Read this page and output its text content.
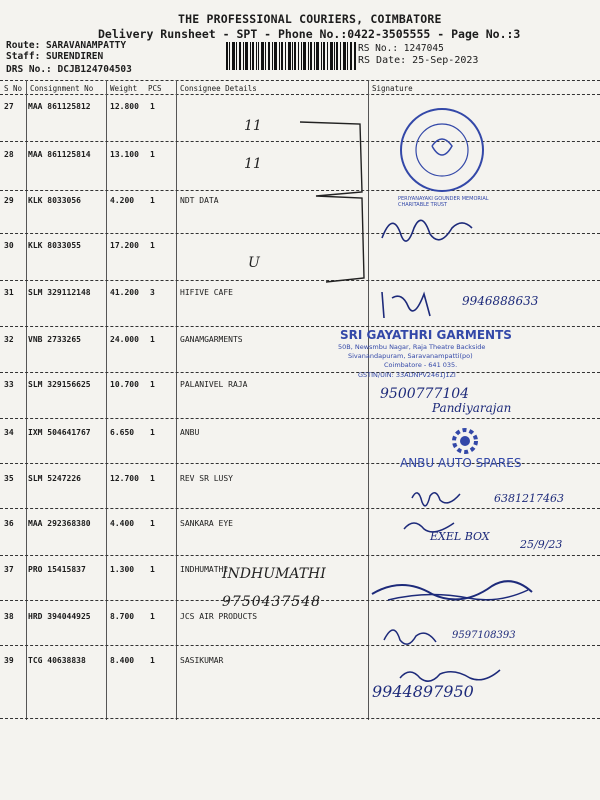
THE PROFESSIONAL COURIERS, COIMBATORE
Delivery Runsheet - SPT - Phone No.:0422-3505555 - Page No.:3
Route: SARAVANAMPATTY
Staff: SURENDIREN
DRS No.: DCJB124704503
RS No.: 1247045
RS Date: 25-Sep-2023
S No Consignment No Weight PCS Consignee Details	Signature
27 MAA 861125812 12.800 1
28 MAA 861125814 13.100 1
29 KLK 8033056	4.200 1	NDT DATA
30 KLK 8033055	17.200 1
31 SLM 329112148 41.200 3	HIFIVE CAFE
32 VNB 2733265	24.000 1	GANAMGARMENTS
33 SLM 329156625 10.700 1	PALANIVEL RAJA
34 IXM 504641767 6.650 1	ANBU
35 SLM 5247226	12.700 1	REV SR LUSY
36 MAA 292368380 4.400 1	SANKARA EYE
37 PRO 15415837	1.300 1	INDHUMATHI
38 HRD 394044925 8.700 1	JCS AIR PRODUCTS
39 TCG 40638838	8.400 1	SASIKUMAR
11
11
U
PERIYANAYAKI GOUNDER MEMORIAL CHARITABLE TRUST
9946888633
SRI GAYATHRI GARMENTS
50B, Newsmbu Nagar, Raja Theatre Backside
Sivanandapuram, Saravanampatti(po)
Coimbatore - 641 035.
GSTIN/UIN: 33ADNPV2461J1ZI
9500777104
Pandiyarajan
ANBU AUTO SPARES
6381217463
EXEL BOX
25/9/23
INDHUMATHI
9750437548
9597108393
9944897950
